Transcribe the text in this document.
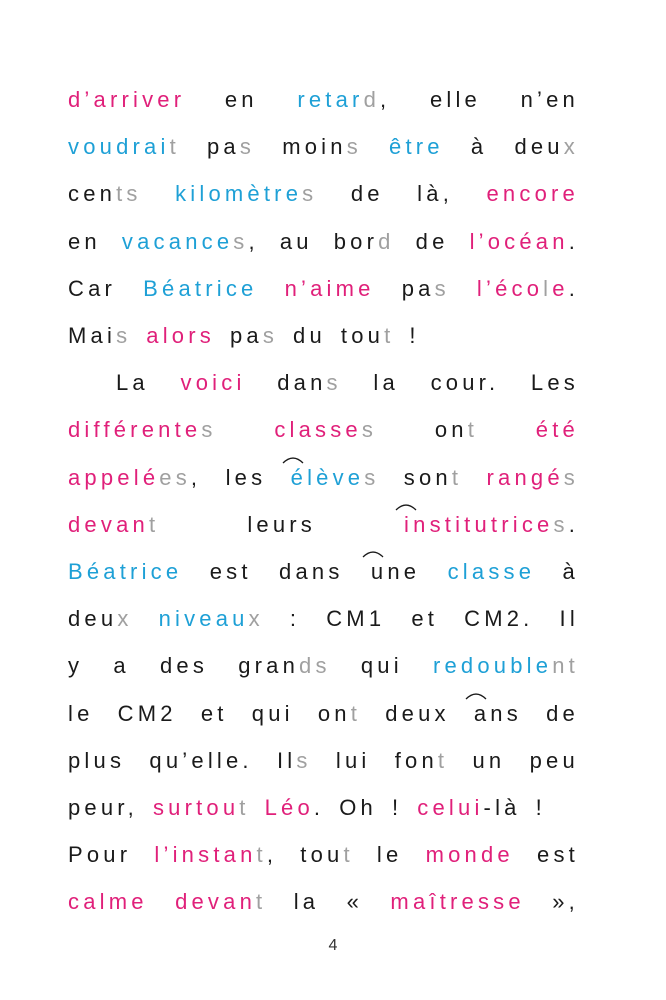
d’arriver en retard, elle n’en
voudrait pas moins être à deux
cents kilomètres de là, encore
en vacances, au bord de l’océan.
Car Béatrice n’aime pas l’école.
Mais alors pas du tout !
La voici dans la cour. Les
différentes	classes	ont	été
appelées, les élèves sont rangés
devant	leurs	institutrices.
Béatrice est dans une classe à
deux niveaux : CM1 et CM2. Il
y a des grands qui redoublent
le CM2 et qui ont deux ans de
plus qu’elle. Ils lui font un peu
peur, surtout Léo. Oh ! celui-là !
Pour l’instant, tout le monde est
calme devant la « maîtresse »,
4
